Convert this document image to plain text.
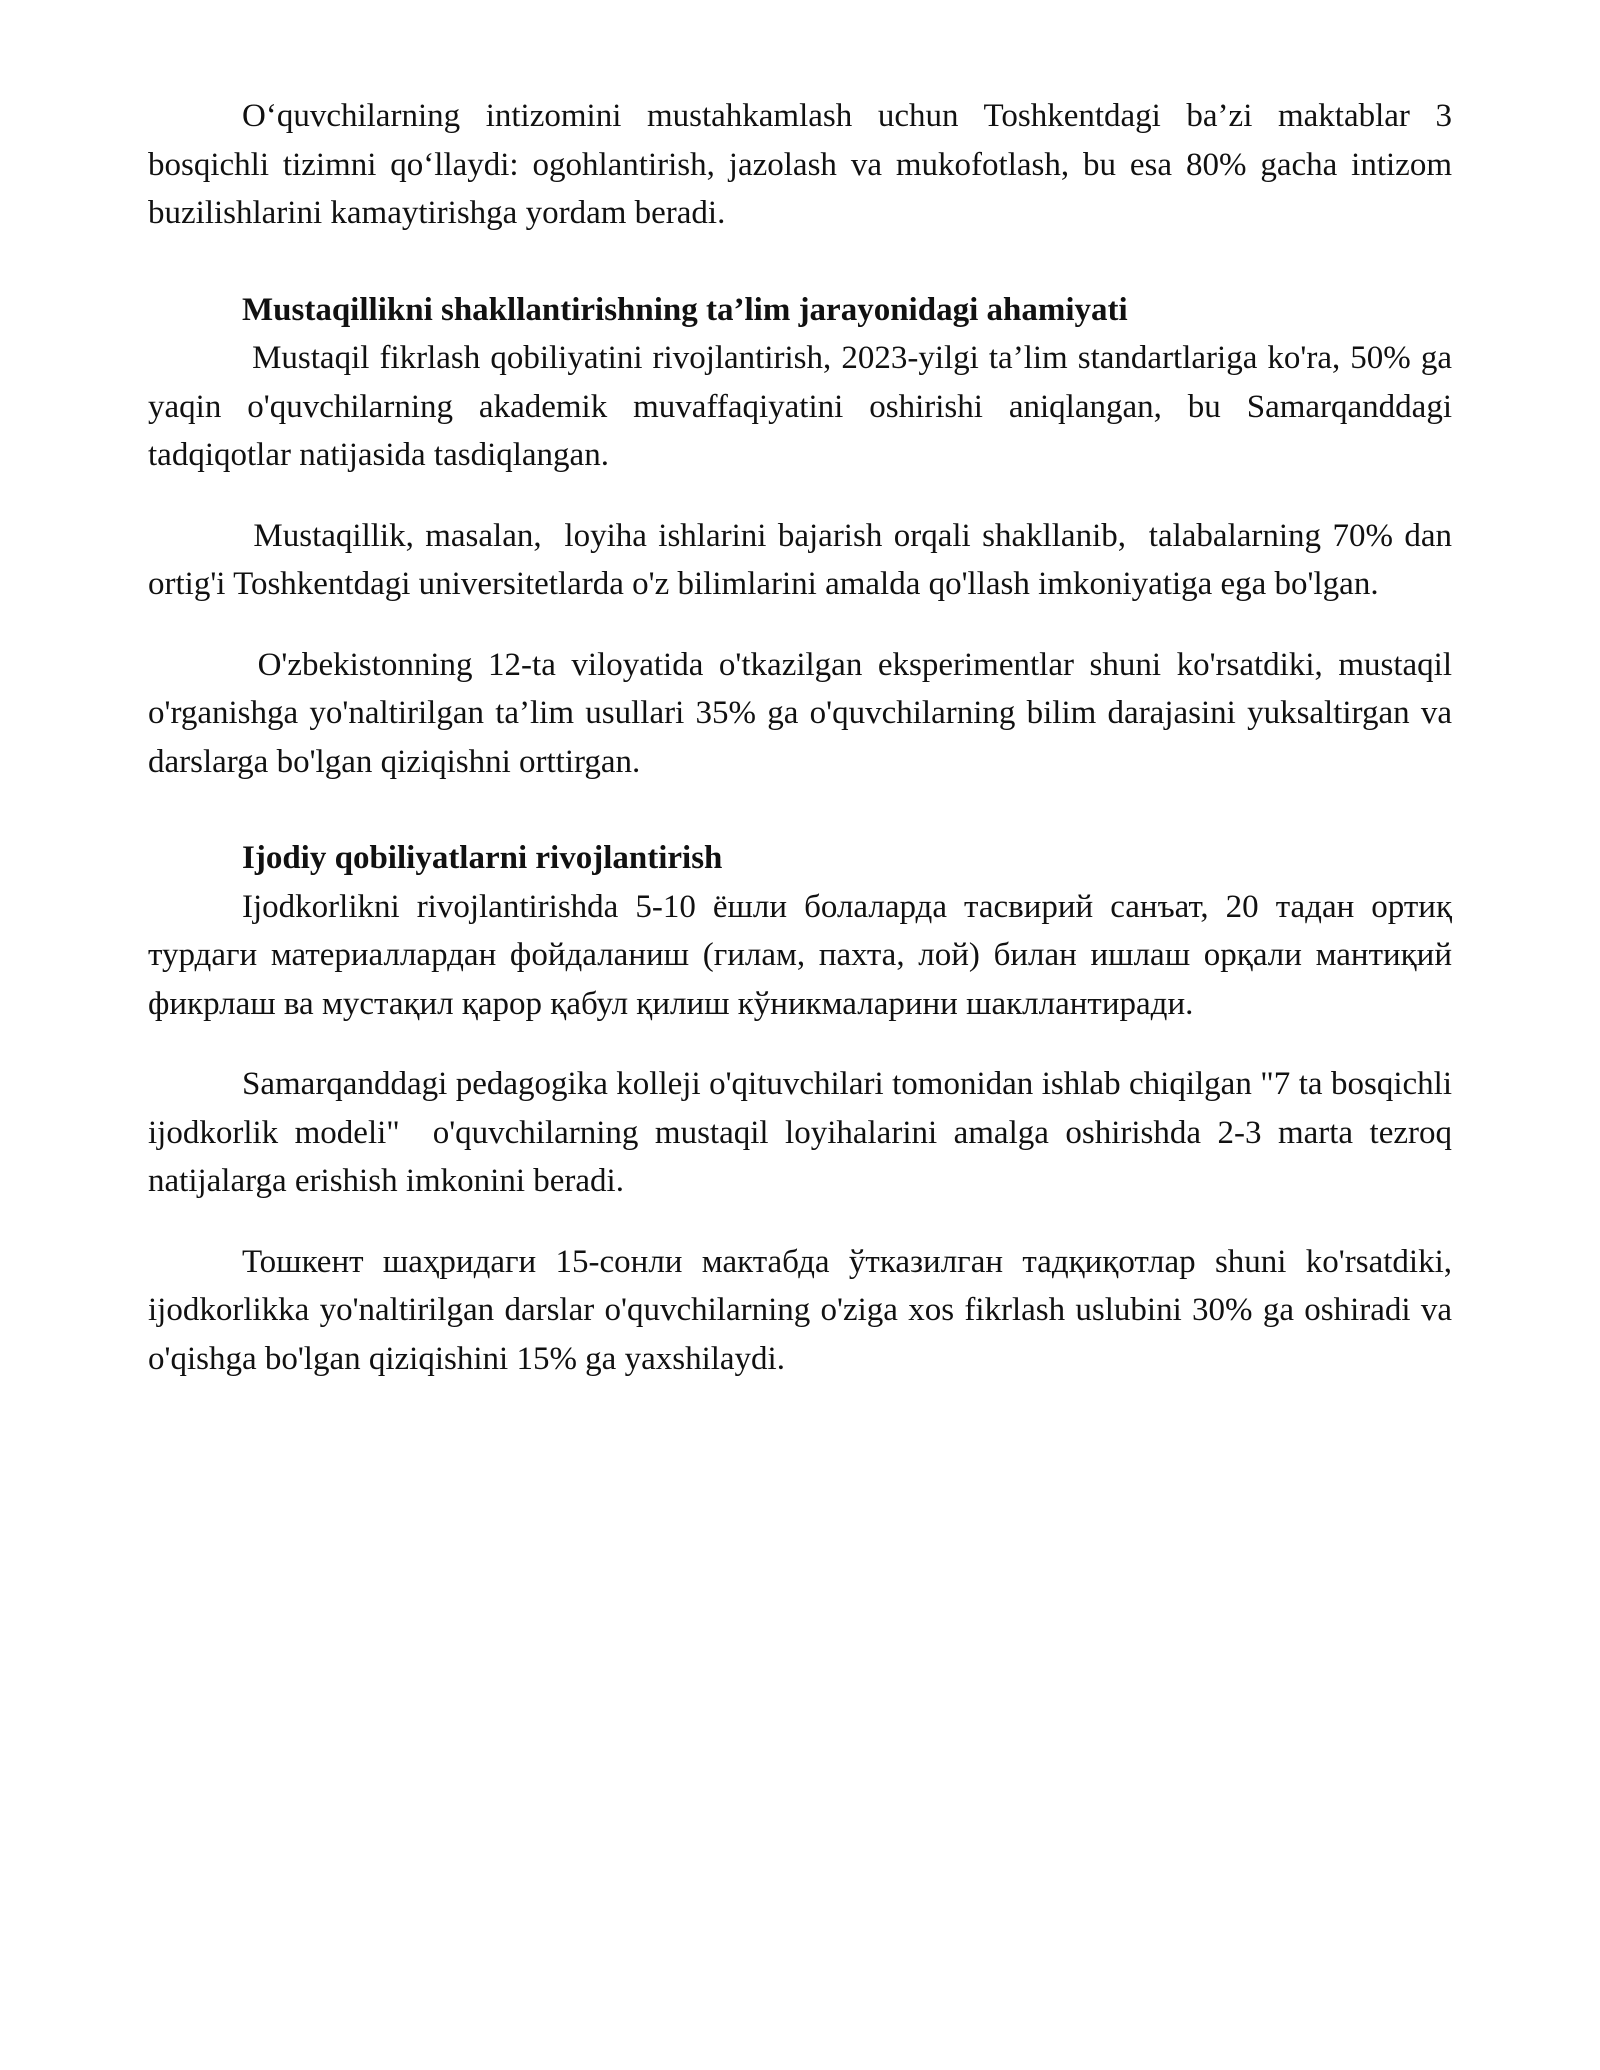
O‘quvchilarning intizomini mustahkamlash uchun Toshkentdagi ba’zi maktablar 3 bosqichli tizimni qo‘llaydi: ogohlantirish, jazolash va mukofotlash, bu esa 80% gacha intizom buzilishlarini kamaytirishga yordam beradi.

Mustaqillikni shakllantirishning ta’lim jarayonidagi ahamiyati

Mustaqil fikrlash qobiliyatini rivojlantirish, 2023-yilgi ta’lim standartlariga ko'ra, 50% ga yaqin o'quvchilarning akademik muvaffaqiyatini oshirishi aniqlangan, bu Samarqanddagi tadqiqotlar natijasida tasdiqlangan.

Mustaqillik, masalan,  loyiha ishlarini bajarish orqali shakllanib,  talabalarning 70% dan ortig'i Toshkentdagi universitetlarda o'z bilimlarini amalda qo'llash imkoniyatiga ega bo'lgan.

O'zbekistonning 12-ta viloyatida o'tkazilgan eksperimentlar shuni ko'rsatdiki, mustaqil o'rganishga yo'naltirilgan ta’lim usullari 35% ga o'quvchilarning bilim darajasini yuksaltirgan va darslarga bo'lgan qiziqishni orttirgan.

Ijodiy qobiliyatlarni rivojlantirish

Ijodkorlikni rivojlantirishda 5-10 ёшли болаларда тасвирий санъат, 20 тадан ортиқ турдаги материаллардан фойдаланиш (гилам, пахта, лой) билан ишлаш орқали мантиқий фикрлаш ва мустақил қарор қабул қилиш кўникмаларини шакллантиради.

Samarqanddagi pedagogika kolleji o'qituvchilari tomonidan ishlab chiqilgan "7 ta bosqichli ijodkorlik modeli"  o'quvchilarning mustaqil loyihalarini amalga oshirishda 2-3 marta tezroq natijalarga erishish imkonini beradi.

Тошкент шаҳридаги 15-сонли мактабда ўтказилган тадқиқотлар shuni ko'rsatdiki, ijodkorlikka yo'naltirilgan darslar o'quvchilarning o'ziga xos fikrlash uslubini 30% ga oshiradi va o'qishga bo'lgan qiziqishini 15% ga yaxshilaydi.
